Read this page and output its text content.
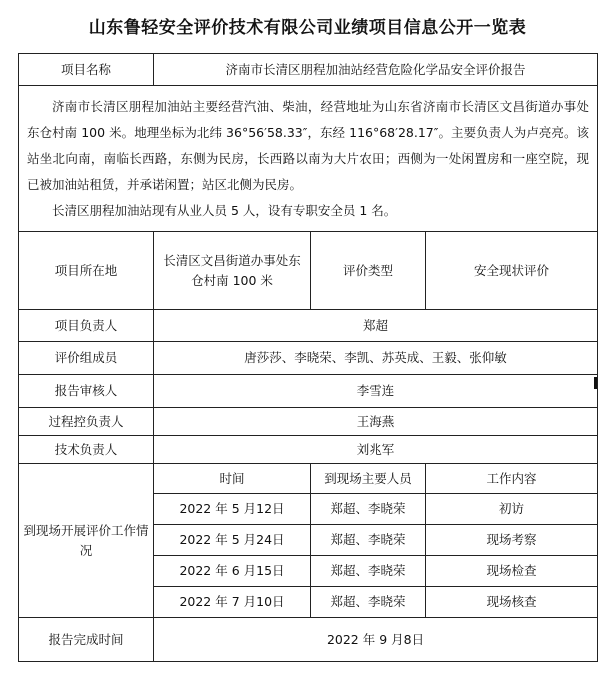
山东鲁轻安全评价技术有限公司业绩项目信息公开一览表
项目名称	济南市长清区朋程加油站经营危险化学品安全评价报告		

济南市长清区朋程加油站主要经营汽油、柴油，经营地址为山东省济南市长清区文昌街道办事处东仓村南 100 米。地理坐标为北纬 36°56′58.33″，东经 116°68′28.17″。主要负责人为卢亮亮。该站坐北向南，南临长西路，东侧为民房，长西路以南为大片农田；西侧为一处闲置房和一座空院，现已被加油站租赁，并承诺闲置；站区北侧为民房。

长清区朋程加油站现有从业人员 5 人，设有专职安全员 1 名。			

项目所在地	长清区文昌街道办事处东仓村南 100 米	评价类型	安全现状评价
项目负责人	郑超		
评价组成员	唐莎莎、李晓荣、李凯、苏英成、王毅、张仰敏		
报告审核人	李雪连		
过程控负责人	王海燕		
技术负责人	刘兆军		
到现场开展评价工作情况	时间	到现场主要人员	工作内容
	2022 年 5 月12日	郑超、李晓荣	初访
	2022 年 5 月24日	郑超、李晓荣	现场考察
	2022 年 6 月15日	郑超、李晓荣	现场检查
	2022 年 7 月10日	郑超、李晓荣	现场核查
报告完成时间	2022 年 9 月8日		
